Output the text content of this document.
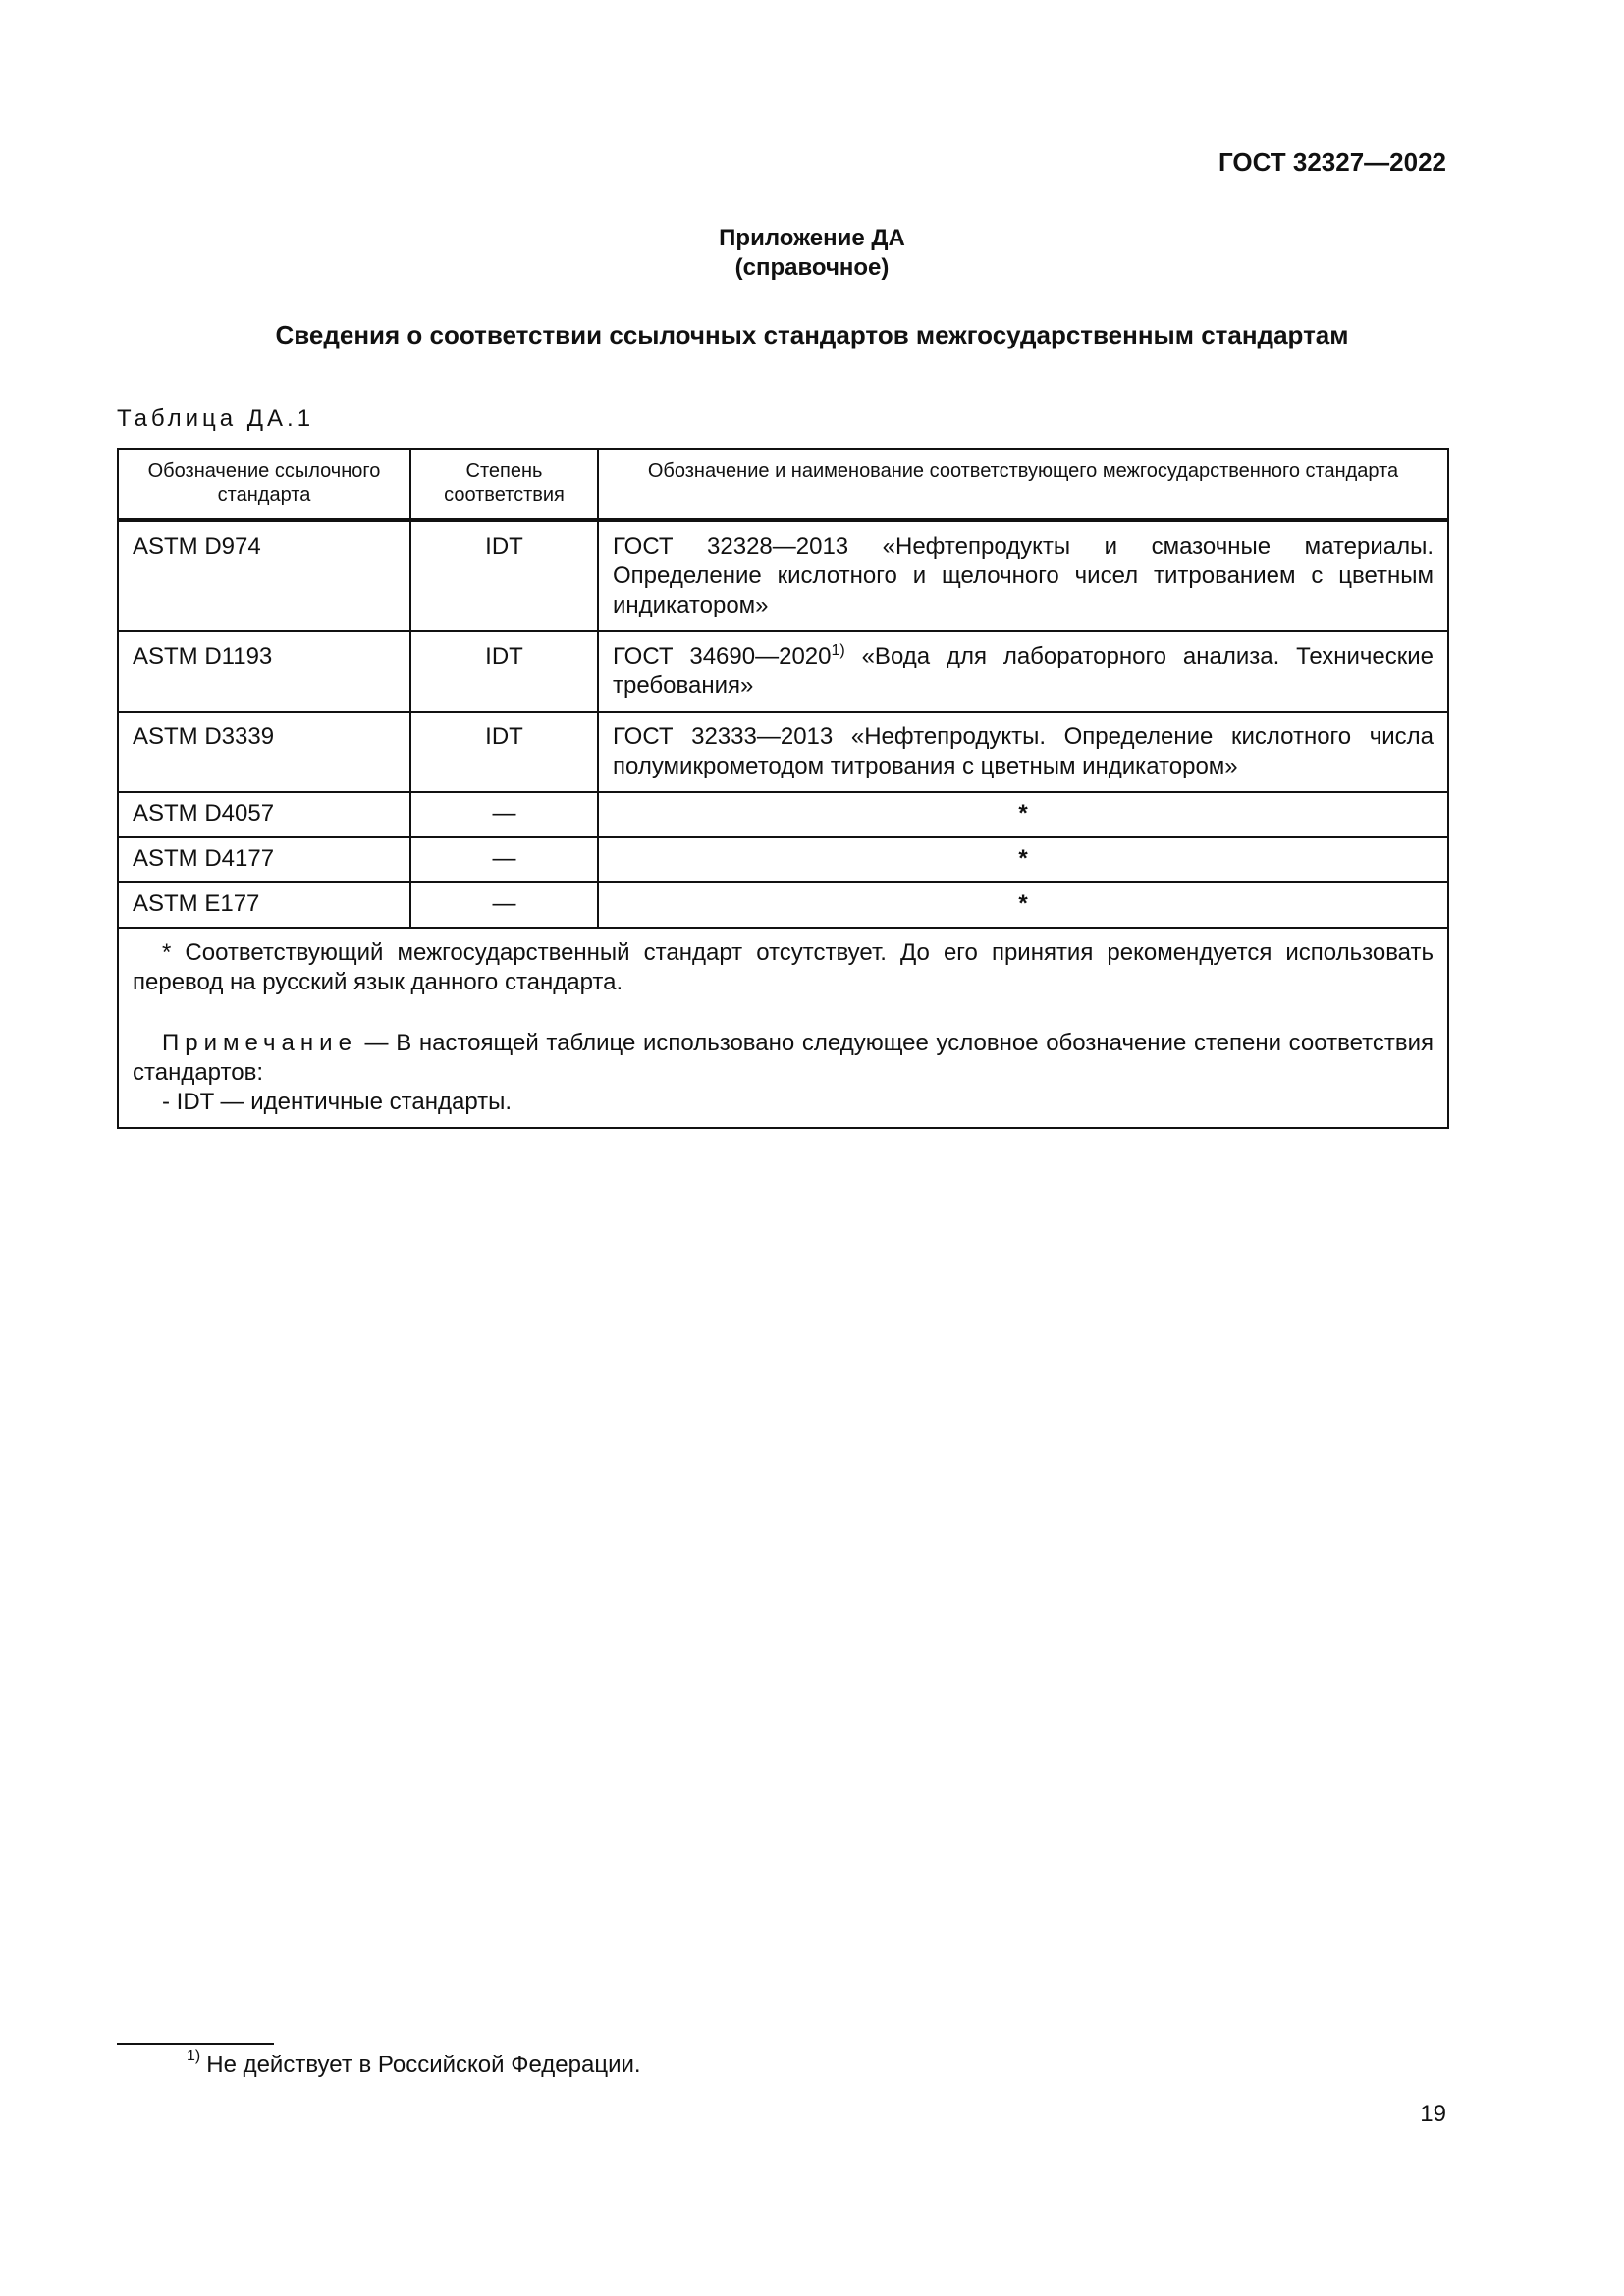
ГОСТ 32327—2022
Приложение ДА
(справочное)
Сведения о соответствии ссылочных стандартов межгосударственным стандартам
Таблица ДА.1
Обозначение ссылочного стандарта	Степень соответствия	Обозначение и наименование соответствующего межгосударственного стандарта
ASTM D974	IDT	ГОСТ 32328—2013 «Нефтепродукты и смазочные материалы. Определение кислотного и щелочного чисел титрованием с цветным индикатором»
ASTM D1193	IDT	ГОСТ 34690—2020$^{1)}$ «Вода для лабораторного анализа. Технические требования»
ASTM D3339	IDT	ГОСТ 32333—2013 «Нефтепродукты. Определение кислотного числа полумикрометодом титрования с цветным индикатором»
ASTM D4057	—	*
ASTM D4177	—	*
ASTM E177	—	*

* Соответствующий межгосударственный стандарт отсутствует. До его принятия рекомендуется использовать перевод на русский язык данного стандарта.
Примечание — В настоящей таблице использовано следующее условное обозначение степени соответствия стандартов:
- IDT — идентичные стандарты.		
$^{1)}$ Не действует в Российской Федерации.
19
